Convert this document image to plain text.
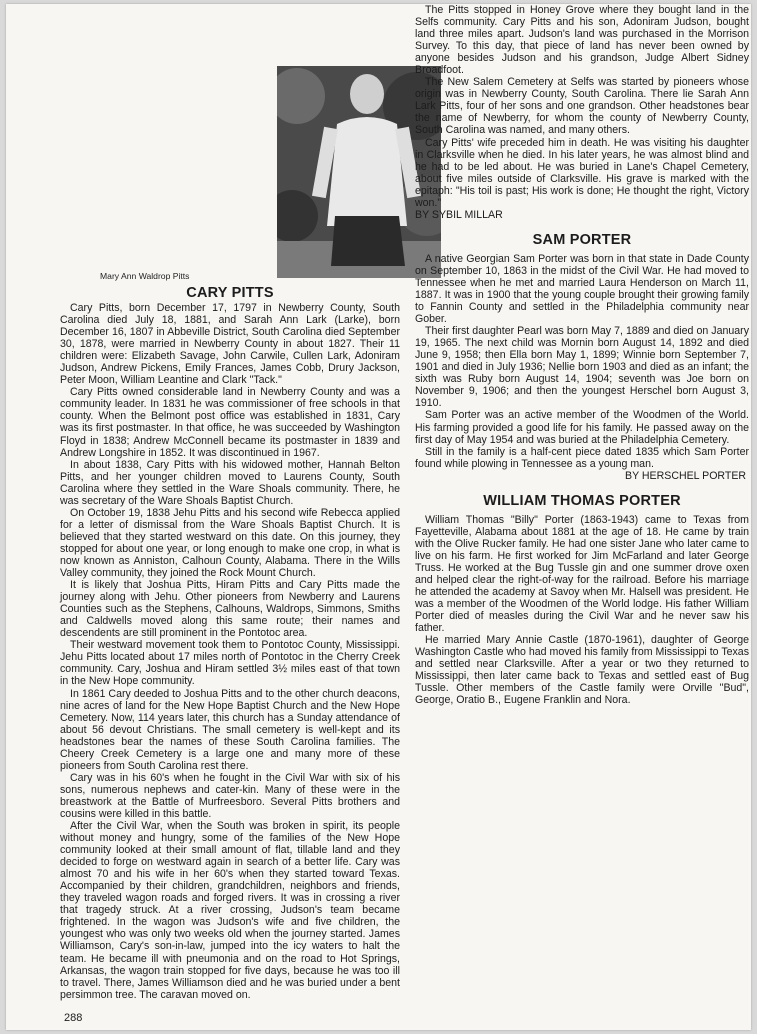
Mary Ann Waldrop Pitts
CARY PITTS

Cary Pitts, born December 17, 1797 in Newberry County, South Carolina died July 18, 1881, and Sarah Ann Lark (Larke), born December 16, 1807 in Abbeville District, South Carolina died September 30, 1878, were married in Newberry County in about 1827. Their 11 children were: Elizabeth Savage, John Carwile, Cullen Lark, Adoniram Judson, Andrew Pickens, Emily Frances, James Cobb, Drury Jackson, Peter Moon, William Leantine and Clark "Tack."

Cary Pitts owned considerable land in Newberry County and was a community leader. In 1831 he was commissioner of free schools in that county. When the Belmont post office was established in 1831, Cary was its first postmaster. In that office, he was succeeded by Washington Floyd in 1838; Andrew McConnell became its postmaster in 1839 and Andrew Longshire in 1852. It was discontinued in 1967.

In about 1838, Cary Pitts with his widowed mother, Hannah Belton Pitts, and her younger children moved to Laurens County, South Carolina where they settled in the Ware Shoals community. There, he was secretary of the Ware Shoals Baptist Church.

On October 19, 1838 Jehu Pitts and his second wife Rebecca applied for a letter of dismissal from the Ware Shoals Baptist Church. It is believed that they started westward on this date. On this journey, they stopped for about one year, or long enough to make one crop, in what is now known as Anniston, Calhoun County, Alabama. There in the Wills Valley community, they joined the Rock Mount Church.

It is likely that Joshua Pitts, Hiram Pitts and Cary Pitts made the journey along with Jehu. Other pioneers from Newberry and Laurens Counties such as the Stephens, Calhouns, Waldrops, Simmons, Smiths and Caldwells moved along this same route; their names and descendents are still prominent in the Pontotoc area.

Their westward movement took them to Pontotoc County, Mississippi. Jehu Pitts located about 17 miles north of Pontotoc in the Cherry Creek community. Cary, Joshua and Hiram settled 3½ miles east of that town in the New Hope community.

In 1861 Cary deeded to Joshua Pitts and to the other church deacons, nine acres of land for the New Hope Baptist Church and the New Hope Cemetery. Now, 114 years later, this church has a Sunday attendance of about 56 devout Christians. The small cemetery is well-kept and its headstones bear the names of these South Carolina families. The Cheery Creek Cemetery is a large one and many more of these pioneers from South Carolina rest there.

Cary was in his 60's when he fought in the Civil War with six of his sons, numerous nephews and cater-kin. Many of these were in the breastwork at the Battle of Murfreesboro. Several Pitts brothers and cousins were killed in this battle.

After the Civil War, when the South was broken in spirit, its people without money and hungry, some of the families of the New Hope community looked at their small amount of flat, tillable land and they decided to forge on westward again in search of a better life. Cary was almost 70 and his wife in her 60's when they started toward Texas. Accompanied by their children, grandchildren, neighbors and friends, they traveled wagon roads and forged rivers. It was in crossing a river that tragedy struck. At a river crossing, Judson's team became frightened. In the wagon was Judson's wife and five children, the youngest who was only two weeks old when the journey started. James Williamson, Cary's son-in-law, jumped into the icy waters to halt the team. He became ill with pneumonia and on the road to Hot Springs, Arkansas, the wagon train stopped for five days, because he was too ill to travel. There, James Williamson died and he was buried under a bent persimmon tree. The caravan moved on.

The Pitts stopped in Honey Grove where they bought land in the Selfs community. Cary Pitts and his son, Adoniram Judson, bought land three miles apart. Judson's land was purchased in the Morrison Survey. To this day, that piece of land has never been owned by anyone besides Judson and his grandson, Judge Albert Sidney Broadfoot.

The New Salem Cemetery at Selfs was started by pioneers whose origin was in Newberry County, South Carolina. There lie Sarah Ann Lark Pitts, four of her sons and one grandson. Other headstones bear the name of Newberry, for whom the county of Newberry County, South Carolina was named, and many others.

Cary Pitts' wife preceded him in death. He was visiting his daughter in Clarksville when he died. In his later years, he was almost blind and he had to be led about. He was buried in Lane's Chapel Cemetery, about five miles outside of Clarksville. His grave is marked with the epitaph: "His toil is past; His work is done; He thought the right, Victory won."

BY SYBIL MILLAR

SAM PORTER

A native Georgian Sam Porter was born in that state in Dade County on September 10, 1863 in the midst of the Civil War. He had moved to Tennessee when he met and married Laura Henderson on March 11, 1887. It was in 1900 that the young couple brought their growing family to Fannin County and settled in the Philadelphia community near Gober.

Their first daughter Pearl was born May 7, 1889 and died on January 19, 1965. The next child was Mornin born August 14, 1892 and died June 9, 1958; then Ella born May 1, 1899; Winnie born September 7, 1901 and died in July 1936; Nellie born 1903 and died as an infant; the sixth was Ruby born August 14, 1904; seventh was Joe born on November 9, 1906; and then the youngest Herschel born August 3, 1910.

Sam Porter was an active member of the Woodmen of the World. His farming provided a good life for his family. He passed away on the first day of May 1954 and was buried at the Philadelphia Cemetery.

Still in the family is a half-cent piece dated 1835 which Sam Porter found while plowing in Tennessee as a young man.

BY HERSCHEL PORTER

WILLIAM THOMAS PORTER

William Thomas "Billy" Porter (1863-1943) came to Texas from Fayetteville, Alabama about 1881 at the age of 18. He came by train with the Olive Rucker family. He had one sister Jane who later came to live on his farm. He first worked for Jim McFarland and later George Truss. He worked at the Bug Tussle gin and one summer drove oxen and helped clear the right-of-way for the railroad. Before his marriage he attended the academy at Savoy when Mr. Halsell was president. He was a member of the Woodmen of the World lodge. His father William Porter died of measles during the Civil War and he never saw his father.

He married Mary Annie Castle (1870-1961), daughter of George Washington Castle who had moved his family from Mississippi to Texas and settled near Clarksville. After a year or two they returned to Mississippi, then later came back to Texas and settled east of Bug Tussle. Other members of the Castle family were Orville "Bud", George, Oratio B., Eugene Franklin and Nora.

288
